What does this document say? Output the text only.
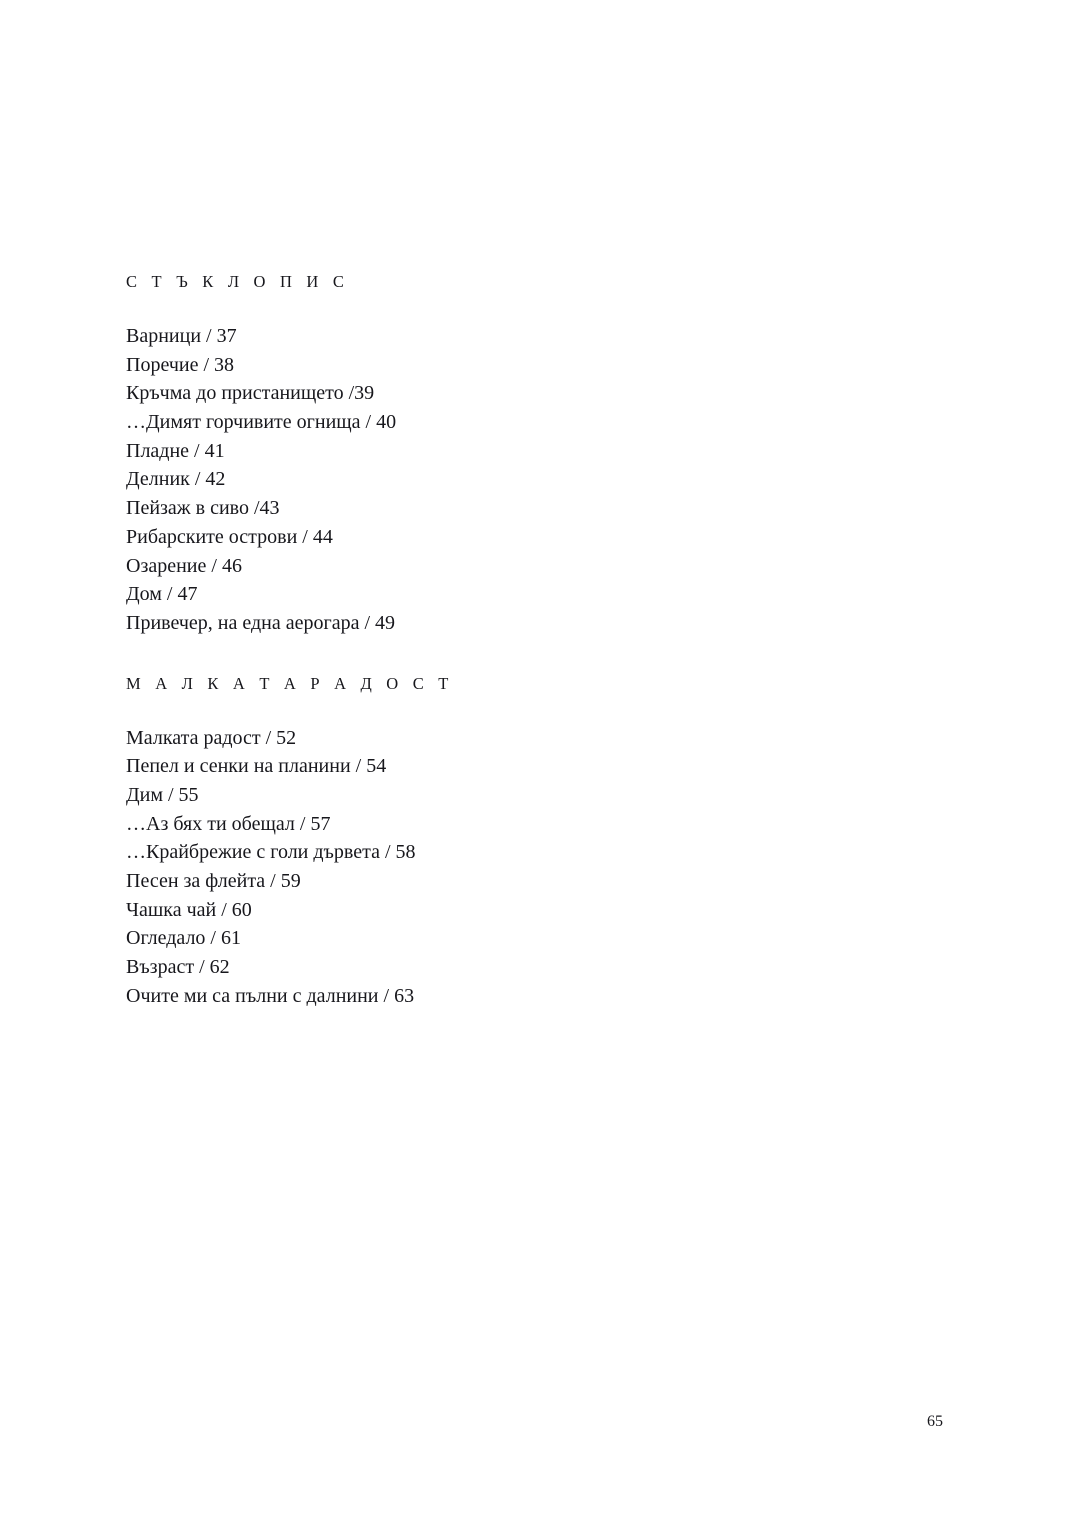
С Т Ъ К Л О П И С
Варници / 37
Поречие / 38
Кръчма до пристанището /39
…Димят горчивите огнища / 40
Пладне / 41
Делник / 42
Пейзаж в сиво /43
Рибарските острови / 44
Озарение / 46
Дом / 47
Привечер, на една аерогара / 49
М А Л К А Т А Р А Д О С Т
Малката радост / 52
Пепел и сенки на планини / 54
Дим / 55
…Аз бях ти обещал / 57
…Крайбрежие с голи дървета / 58
Песен за флейта / 59
Чашка чай / 60
Огледало / 61
Възраст / 62
Очите ми са пълни с далнини / 63
65
